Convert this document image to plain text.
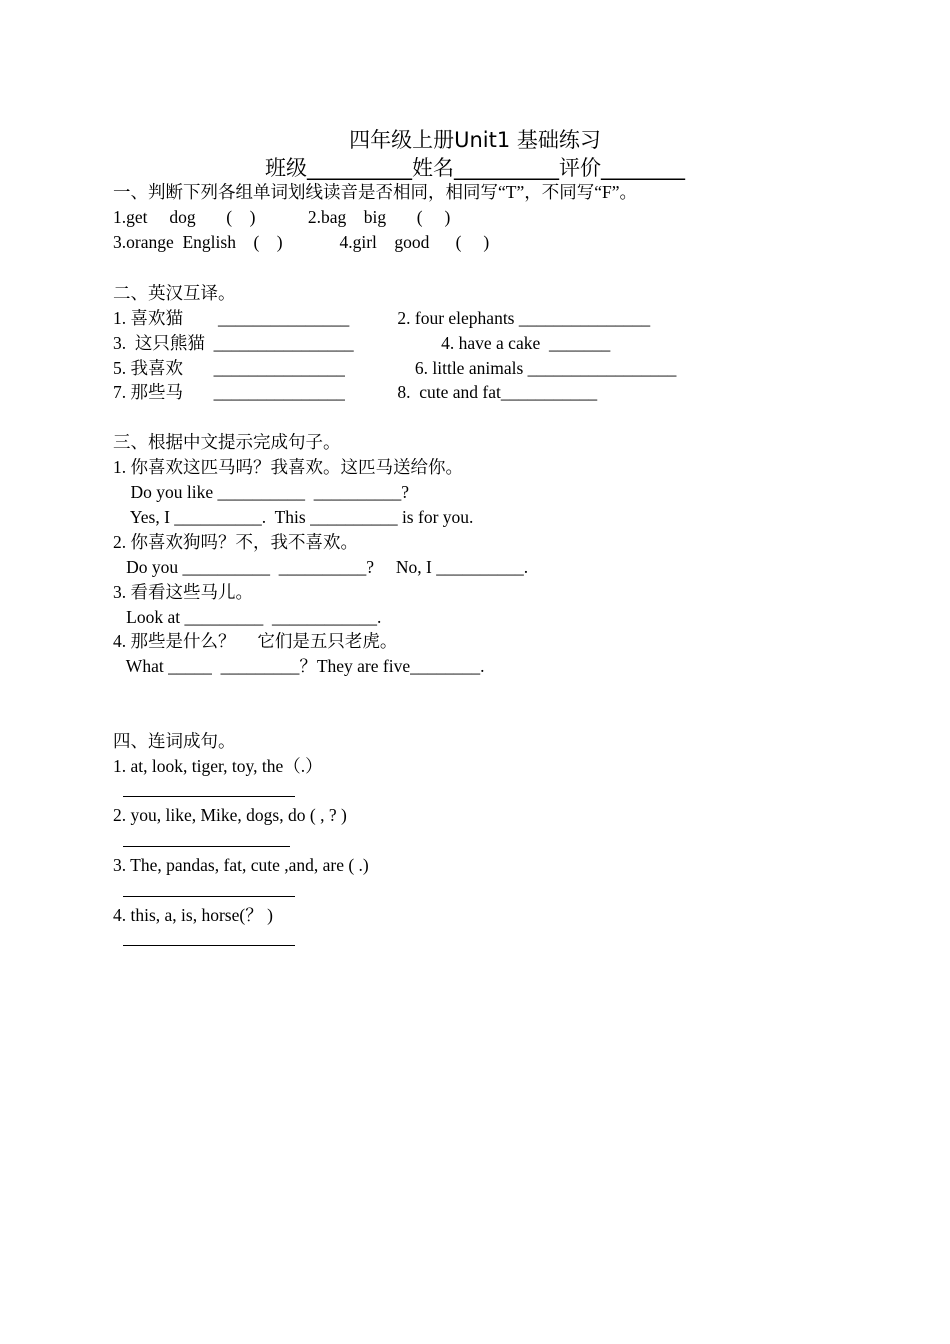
四年级上册Unit1 基础练习
班级__________姓名__________评价________
一、判断下列各组单词划线读音是否相同，相同写“T”，不同写“F”。
1.get     dog       (    )            2.bag    big       (     )
3.orange  English    (    )             4.girl    good      (     )
二、英汉互译。
1. 喜欢猫        _______________           2. four elephants _______________
3.  这只熊猫  ________________                    4. have a cake  _______
5. 我喜欢       _______________                6. little animals _________________
7. 那些马       _______________            8.  cute and fat___________
三、根据中文提示完成句子。
1. 你喜欢这匹马吗？我喜欢。这匹马送给你。
Do you like __________  __________?
Yes, I __________.  This __________ is for you.
2. 你喜欢狗吗？不，我不喜欢。
Do you __________  __________?     No, I __________.
3. 看看这些马儿。
Look at _________  ____________.
4. 那些是什么？     它们是五只老虎。
What _____  _________？They are five________.
四、连词成句。
1. at, look, tiger, toy, the（.）
2. you, like, Mike, dogs, do ( , ? )
3. The, pandas, fat, cute ,and, are ( .)
4. this, a, is, horse(？ )
